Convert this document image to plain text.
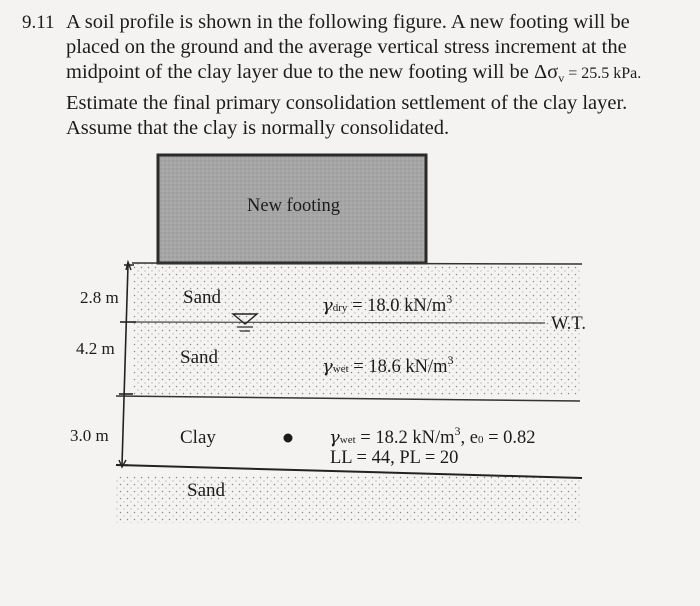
9.11 A soil profile is shown in the following figure. A new footing will be
placed on the ground and the average vertical stress increment at the
midpoint of the clay layer due to the new footing will be $\Delta\sigma_v = 25.5$ kPa.
Estimate the final primary consolidation settlement of the clay layer.
Assume that the clay is normally consolidated.
New footing
2.8 m
4.2 m
3.0 m
Sand
Sand
Clay
Sand
γdry = 18.0 $kN/m^3$
W.T.
γwet = 18.6 $kN/m^3$
γwet = 18.2 $kN/m^3$, e0 = 0.82
LL = 44, PL = 20
